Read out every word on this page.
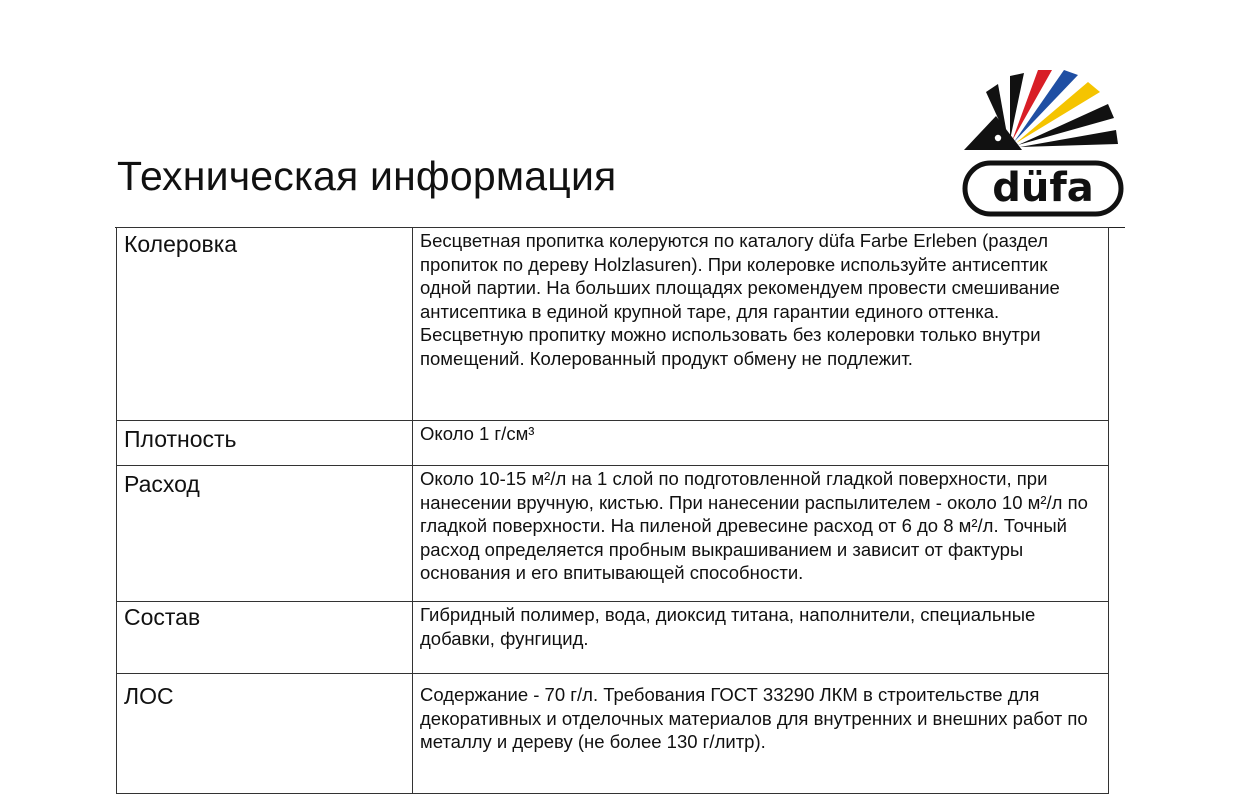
Техническая информация	düfa
Колеровка	Бесцветная пропитка колеруются по каталогу düfa Farbe Erleben (раздел пропиток по дереву Holzlasuren). При колеровке используйте антисептик одной партии. На больших площадях рекомендуем провести смешивание антисептика в единой крупной таре, для гарантии единого оттенка. Бесцветную пропитку можно использовать без колеровки только внутри помещений. Колерованный продукт обмену не подлежит.
Плотность	Около 1 г/см³
Расход	Около 10-15 м²/л на 1 слой по подготовленной гладкой поверхности, при нанесении вручную, кистью. При нанесении распылителем - около 10 м²/л по гладкой поверхности. На пиленой древесине расход от 6 до 8 м²/л. Точный расход определяется пробным выкрашиванием и зависит от фактуры основания и его впитывающей способности.
Состав	Гибридный полимер, вода, диоксид титана, наполнители, специальные добавки, фунгицид.
ЛОС	Содержание - 70 г/л. Требования ГОСТ 33290 ЛКМ в строительстве для декоративных и отделочных материалов для внутренних и внешних работ по металлу и дереву (не более 130 г/литр).
